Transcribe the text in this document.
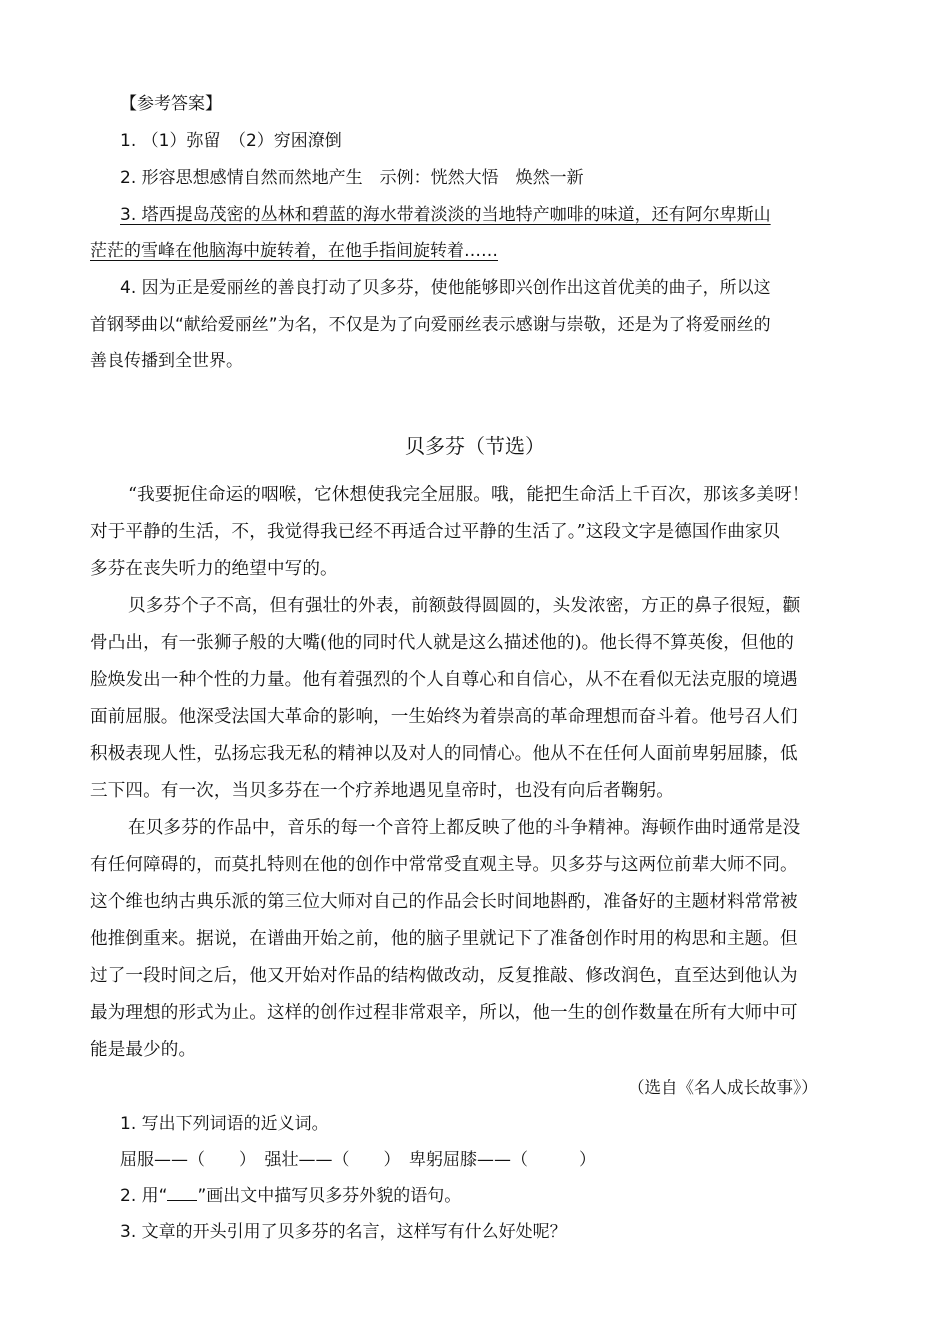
【参考答案】
1. （1）弥留　（2）穷困潦倒
2. 形容思想感情自然而然地产生　示例：恍然大悟　焕然一新
3. 塔西提岛茂密的丛林和碧蓝的海水带着淡淡的当地特产咖啡的味道，还有阿尔卑斯山
茫茫的雪峰在他脑海中旋转着，在他手指间旋转着……
4. 因为正是爱丽丝的善良打动了贝多芬，使他能够即兴创作出这首优美的曲子，所以这
首钢琴曲以“献给爱丽丝”为名，不仅是为了向爱丽丝表示感谢与崇敬，还是为了将爱丽丝的
善良传播到全世界。
贝多芬（节选）
“我要扼住命运的咽喉，它休想使我完全屈服。哦，能把生命活上千百次，那该多美呀！
对于平静的生活，不，我觉得我已经不再适合过平静的生活了。”这段文字是德国作曲家贝
多芬在丧失听力的绝望中写的。
贝多芬个子不高，但有强壮的外表，前额鼓得圆圆的，头发浓密，方正的鼻子很短，颧
骨凸出，有一张狮子般的大嘴(他的同时代人就是这么描述他的)。他长得不算英俊，但他的
脸焕发出一种个性的力量。他有着强烈的个人自尊心和自信心，从不在看似无法克服的境遇
面前屈服。他深受法国大革命的影响，一生始终为着崇高的革命理想而奋斗着。他号召人们
积极表现人性，弘扬忘我无私的精神以及对人的同情心。他从不在任何人面前卑躬屈膝，低
三下四。有一次，当贝多芬在一个疗养地遇见皇帝时，也没有向后者鞠躬。
在贝多芬的作品中，音乐的每一个音符上都反映了他的斗争精神。海顿作曲时通常是没
有任何障碍的，而莫扎特则在他的创作中常常受直观主导。贝多芬与这两位前辈大师不同。
这个维也纳古典乐派的第三位大师对自己的作品会长时间地斟酌，准备好的主题材料常常被
他推倒重来。据说，在谱曲开始之前，他的脑子里就记下了准备创作时用的构思和主题。但
过了一段时间之后，他又开始对作品的结构做改动，反复推敲、修改润色，直至达到他认为
最为理想的形式为止。这样的创作过程非常艰辛，所以，他一生的创作数量在所有大师中可
能是最少的。
（选自《名人成长故事》）
1. 写出下列词语的近义词。
屈服——（　　）　强壮——（　　）　卑躬屈膝——（　　　）
2. 用“ ”画出文中描写贝多芬外貌的语句。
3. 文章的开头引用了贝多芬的名言，这样写有什么好处呢？
